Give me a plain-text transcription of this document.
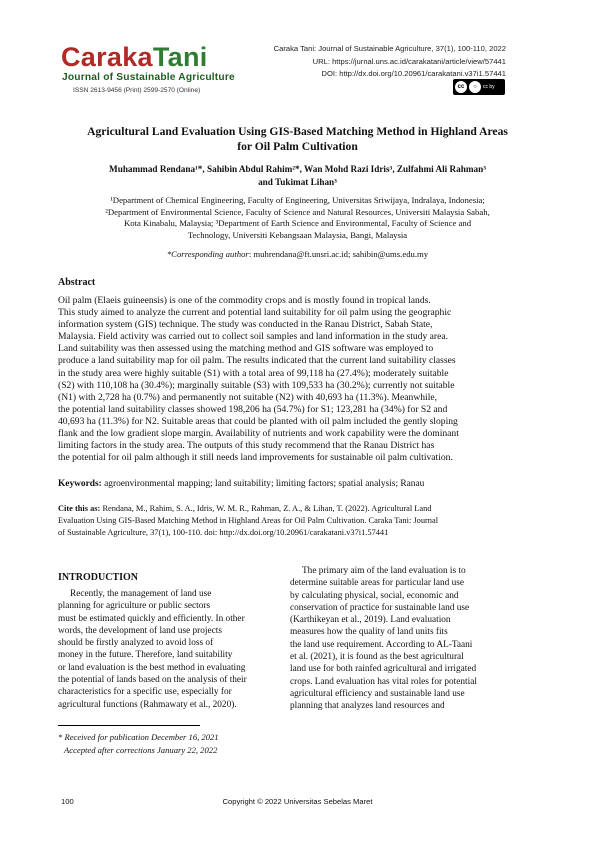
CarakaTani
Journal of Sustainable Agriculture
ISSN 2613-9456 (Print) 2599-2570 (Online)
Caraka Tani: Journal of Sustainable Agriculture, 37(1), 100-110, 2022
URL: https://jurnal.uns.ac.id/carakatani/article/view/57441
DOI: http://dx.doi.org/10.20961/carakatani.v37i1.57441
cc	○	cc by
Agricultural Land Evaluation Using GIS-Based Matching Method in Highland Areas
for Oil Palm Cultivation
Muhammad Rendana¹*, Sahibin Abdul Rahim²*, Wan Mohd Razi Idris³, Zulfahmi Ali Rahman³
and Tukimat Lihan³
¹Department of Chemical Engineering, Faculty of Engineering, Universitas Sriwijaya, Indralaya, Indonesia;
²Department of Environmental Science, Faculty of Science and Natural Resources, Universiti Malaysia Sabah,
Kota Kinabalu, Malaysia; ³Department of Earth Science and Environmental, Faculty of Science and
Technology, Universiti Kebangsaan Malaysia, Bangi, Malaysia
*Corresponding author: muhrendana@ft.unsri.ac.id; sahibin@ums.edu.my
Abstract
Oil palm (Elaeis guineensis) is one of the commodity crops and is mostly found in tropical lands.
This study aimed to analyze the current and potential land suitability for oil palm using the geographic
information system (GIS) technique. The study was conducted in the Ranau District, Sabah State,
Malaysia. Field activity was carried out to collect soil samples and land information in the study area.
Land suitability was then assessed using the matching method and GIS software was employed to
produce a land suitability map for oil palm. The results indicated that the current land suitability classes
in the study area were highly suitable (S1) with a total area of 99,118 ha (27.4%); moderately suitable
(S2) with 110,108 ha (30.4%); marginally suitable (S3) with 109,533 ha (30.2%); currently not suitable
(N1) with 2,728 ha (0.7%) and permanently not suitable (N2) with 40,693 ha (11.3%). Meanwhile,
the potential land suitability classes showed 198,206 ha (54.7%) for S1; 123,281 ha (34%) for S2 and
40,693 ha (11.3%) for N2. Suitable areas that could be planted with oil palm included the gently sloping
flank and the low gradient slope margin. Availability of nutrients and work capability were the dominant
limiting factors in the study area. The outputs of this study recommend that the Ranau District has
the potential for oil palm although it still needs land improvements for sustainable oil palm cultivation.
Keywords: agroenvironmental mapping; land suitability; limiting factors; spatial analysis; Ranau
Cite this as: Rendana, M., Rahim, S. A., Idris, W. M. R., Rahman, Z. A., & Lihan, T. (2022). Agricultural Land
Evaluation Using GIS-Based Matching Method in Highland Areas for Oil Palm Cultivation. Caraka Tani: Journal
of Sustainable Agriculture, 37(1), 100-110. doi: http://dx.doi.org/10.20961/carakatani.v37i1.57441
INTRODUCTION
Recently, the management of land use
planning for agriculture or public sectors
must be estimated quickly and efficiently. In other
words, the development of land use projects
should be firstly analyzed to avoid loss of
money in the future. Therefore, land suitability
or land evaluation is the best method in evaluating
the potential of lands based on the analysis of their
characteristics for a specific use, especially for
agricultural functions (Rahmawaty et al., 2020).
The primary aim of the land evaluation is to
determine suitable areas for particular land use
by calculating physical, social, economic and
conservation of practice for sustainable land use
(Karthikeyan et al., 2019). Land evaluation
measures how the quality of land units fits
the land use requirement. According to AL-Taani
et al. (2021), it is found as the best agricultural
land use for both rainfed agricultural and irrigated
crops. Land evaluation has vital roles for potential
agricultural efficiency and sustainable land use
planning that analyzes land resources and
* Received for publication December 16, 2021
Accepted after corrections January 22, 2022
100	Copyright © 2022 Universitas Sebelas Maret
